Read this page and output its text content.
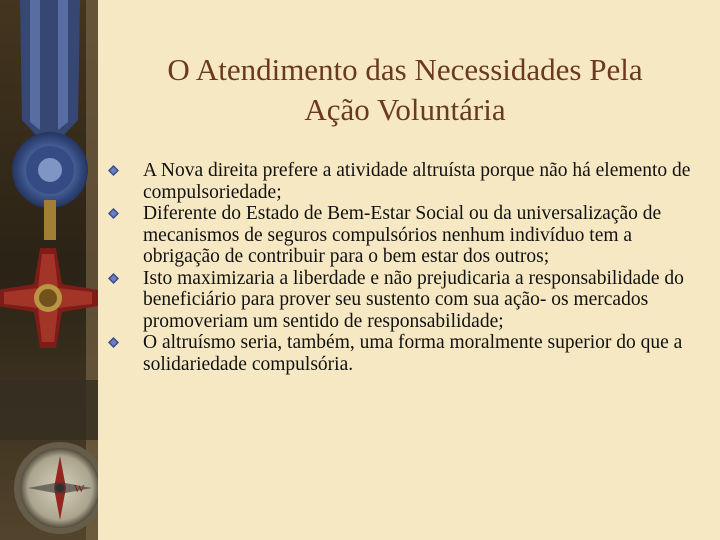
W
O Atendimento das Necessidades Pela
Ação Voluntária
A Nova direita prefere a atividade altruísta porque não há elemento de compulsoriedade;
Diferente do Estado de Bem-Estar Social ou da universalização de mecanismos de seguros compulsórios nenhum indivíduo tem a obrigação de contribuir para o bem estar dos outros;
Isto maximizaria a liberdade e não prejudicaria a responsabilidade do beneficiário para prover seu sustento com sua ação- os mercados promoveriam um sentido de responsabilidade;
O altruísmo seria, também, uma forma moralmente superior do que a solidariedade compulsória.
